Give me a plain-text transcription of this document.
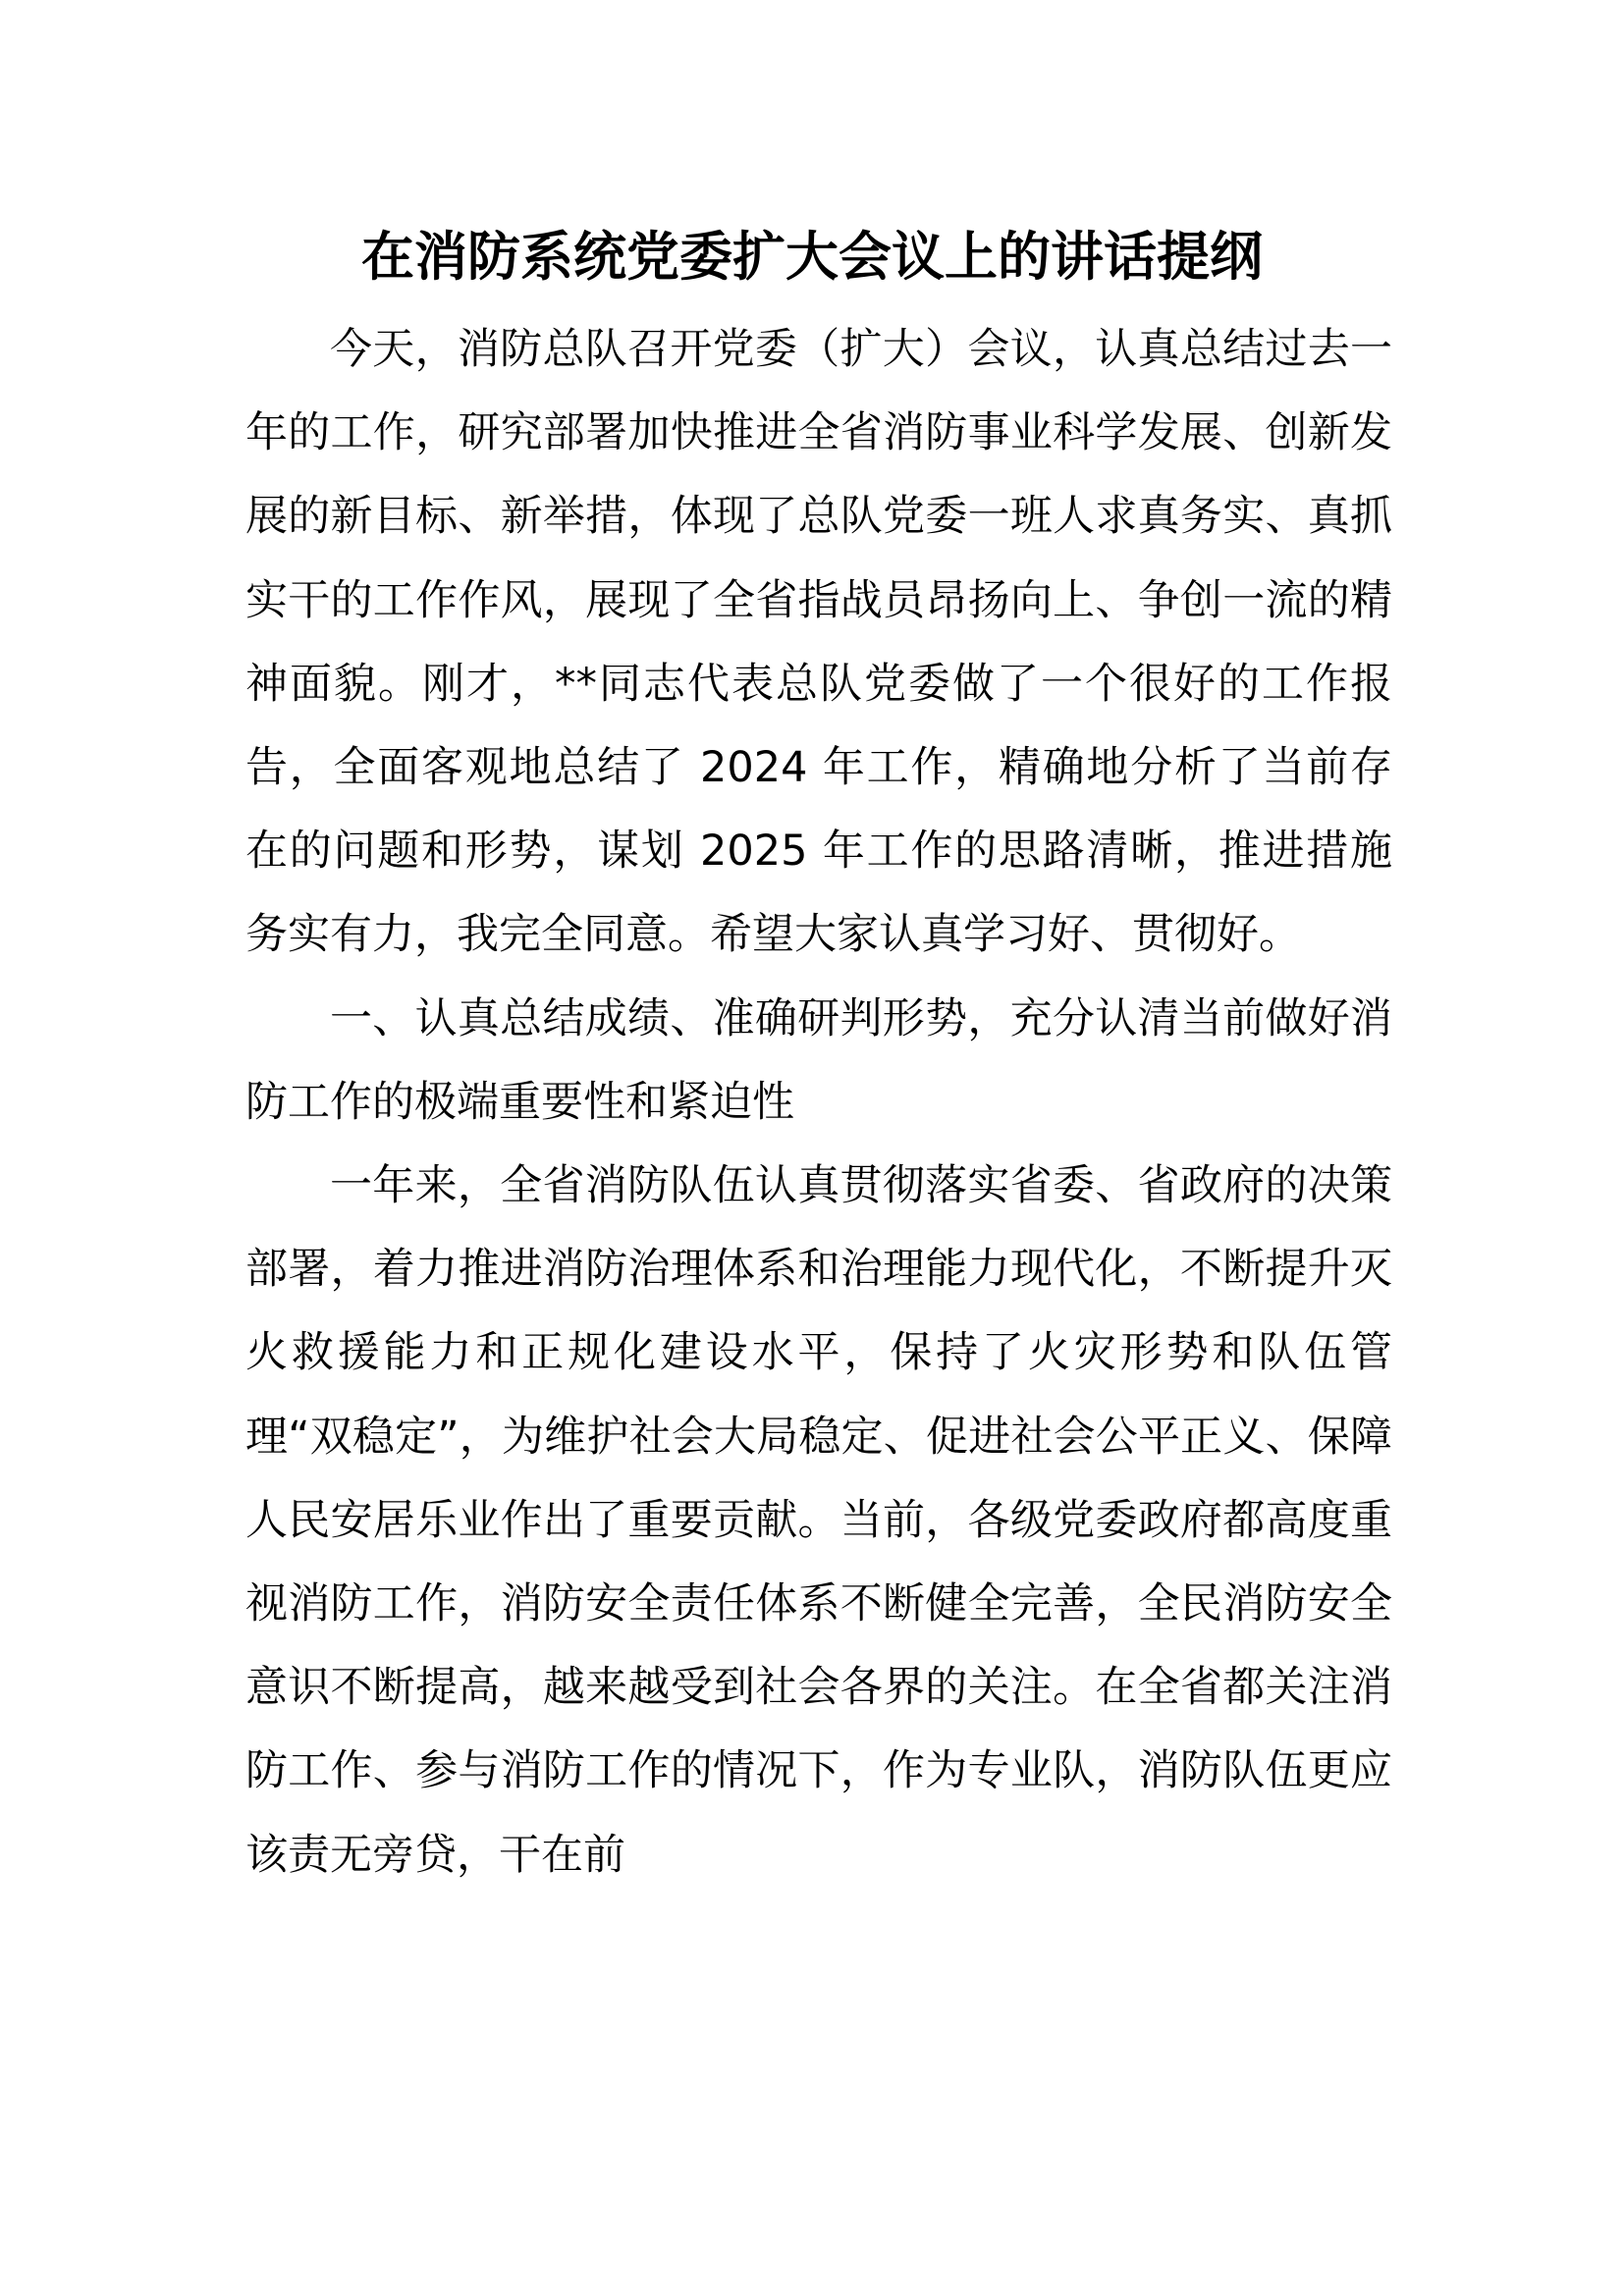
在消防系统党委扩大会议上的讲话提纲

今天，消防总队召开党委（扩大）会议，认真总结过去一年的工作，研究部署加快推进全省消防事业科学发展、创新发展的新目标、新举措，体现了总队党委一班人求真务实、真抓实干的工作作风，展现了全省指战员昂扬向上、争创一流的精神面貌。刚才，**同志代表总队党委做了一个很好的工作报告，全面客观地总结了 2024 年工作，精确地分析了当前存在的问题和形势，谋划 2025 年工作的思路清晰，推进措施务实有力，我完全同意。希望大家认真学习好、贯彻好。

一、认真总结成绩、准确研判形势，充分认清当前做好消防工作的极端重要性和紧迫性

一年来，全省消防队伍认真贯彻落实省委、省政府的决策部署，着力推进消防治理体系和治理能力现代化，不断提升灭火救援能力和正规化建设水平，保持了火灾形势和队伍管理“双稳定”，为维护社会大局稳定、促进社会公平正义、保障人民安居乐业作出了重要贡献。当前，各级党委政府都高度重视消防工作，消防安全责任体系不断健全完善，全民消防安全意识不断提高，越来越受到社会各界的关注。在全省都关注消防工作、参与消防工作的情况下，作为专业队，消防队伍更应该责无旁贷，干在前
